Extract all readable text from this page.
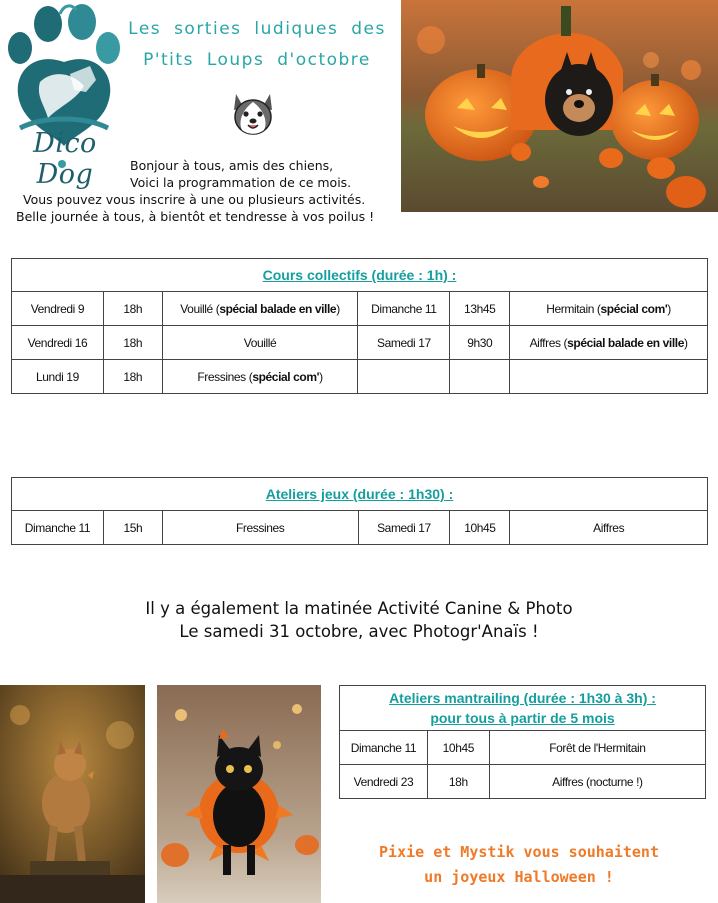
Dico Dog
Les sorties ludiques des
P'tits Loups d'octobre
Bonjour à tous, amis des chiens,
Voici la programmation de ce mois.
Vous pouvez vous inscrire à une ou plusieurs activités.
Belle journée à tous, à bientôt et tendresse à vos poilus !
Cours collectifs (durée : 1h) :					
Vendredi 9	18h	Vouillé (spécial balade en ville)	Dimanche 11	13h45	Hermitain (spécial com')
Vendredi 16	18h	Vouillé	Samedi 17	9h30	Aiffres (spécial balade en ville)
Lundi 19	18h	Fressines (spécial com')			
Ateliers jeux (durée : 1h30) :
Dimanche 11	15h	Fressines	Samedi 17	10h45	Aiffres
Il y a également la matinée Activité Canine & Photo
Le samedi 31 octobre, avec Photogr'Anaïs !
Ateliers mantrailing (durée : 1h30 à 3h) :
pour tous à partir de 5 mois		

Dimanche 11	10h45	Forêt de l'Hermitain
Vendredi 23	18h	Aiffres (nocturne !)
Pixie et Mystik vous souhaitent
un joyeux Halloween !
